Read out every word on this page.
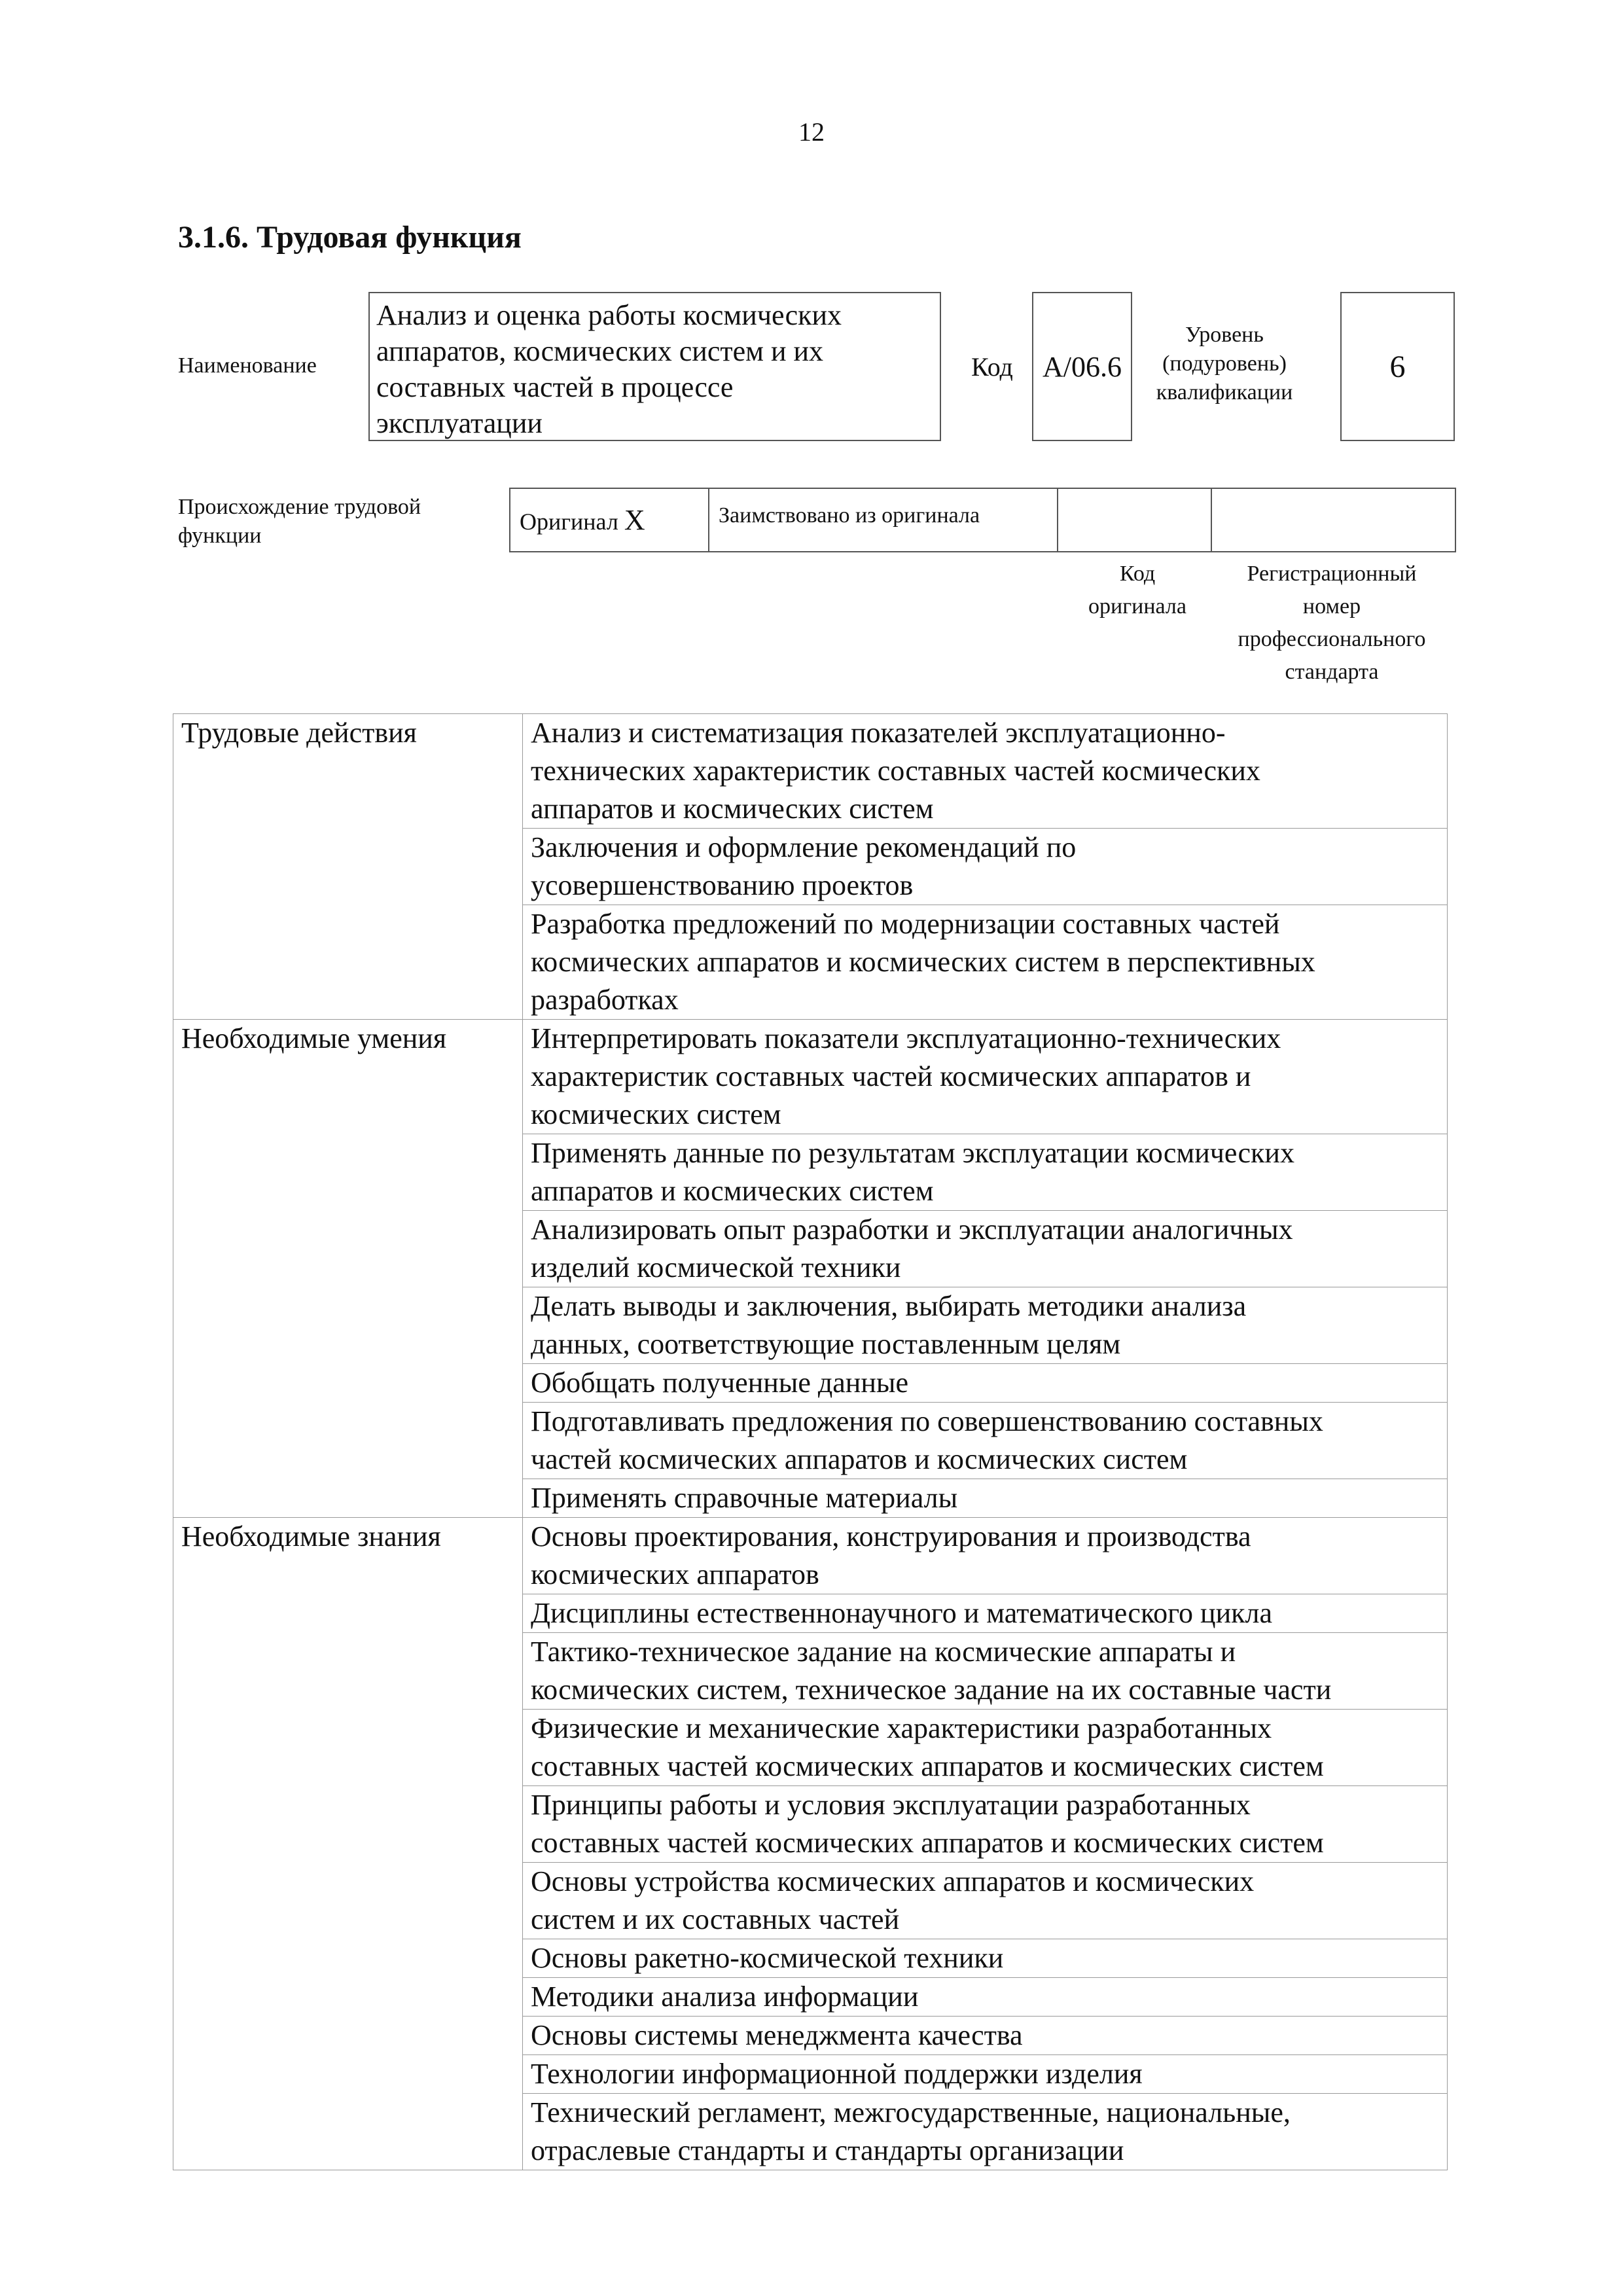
12
3.1.6. Трудовая функция
Наименование
Анализ и оценка работы космических
аппаратов, космических систем и их
составных частей в процессе
эксплуатации
Код	A/06.6
Уровень
(подуровень)
квалификации
6
Происхождение трудовой
функции
Оригинал X	Заимствовано из оригинала
Код
оригинала
Регистрационный
номер
профессионального
стандарта
Трудовые действия	Анализ и систематизация показателей эксплуатационно-
технических характеристик составных частей космических
аппаратов и космических систем

	Заключения и оформление рекомендаций по
усовершенствованию проектов

	Разработка предложений по модернизации составных частей
космических аппаратов и космических систем в перспективных
разработках

Необходимые умения	Интерпретировать показатели эксплуатационно-технических
характеристик составных частей космических аппаратов и
космических систем

	Применять данные по результатам эксплуатации космических
аппаратов и космических систем

	Анализировать опыт разработки и эксплуатации аналогичных
изделий космической техники

	Делать выводы и заключения, выбирать методики анализа
данных, соответствующие поставленным целям

	Обобщать полученные данные

	Подготавливать предложения по совершенствованию составных
частей космических аппаратов и космических систем

	Применять справочные материалы

Необходимые знания	Основы проектирования, конструирования и производства
космических аппаратов

	Дисциплины естественнонаучного и математического цикла

	Тактико-техническое задание на космические аппараты и
космических систем, техническое задание на их составные части

	Физические и механические характеристики разработанных
составных частей космических аппаратов и космических систем

	Принципы работы и условия эксплуатации разработанных
составных частей космических аппаратов и космических систем

	Основы устройства космических аппаратов и космических
систем и их составных частей

	Основы ракетно-космической техники

	Методики анализа информации

	Основы системы менеджмента качества

	Технологии информационной поддержки изделия

	Технический регламент, межгосударственные, национальные,
отраслевые стандарты и стандарты организации
